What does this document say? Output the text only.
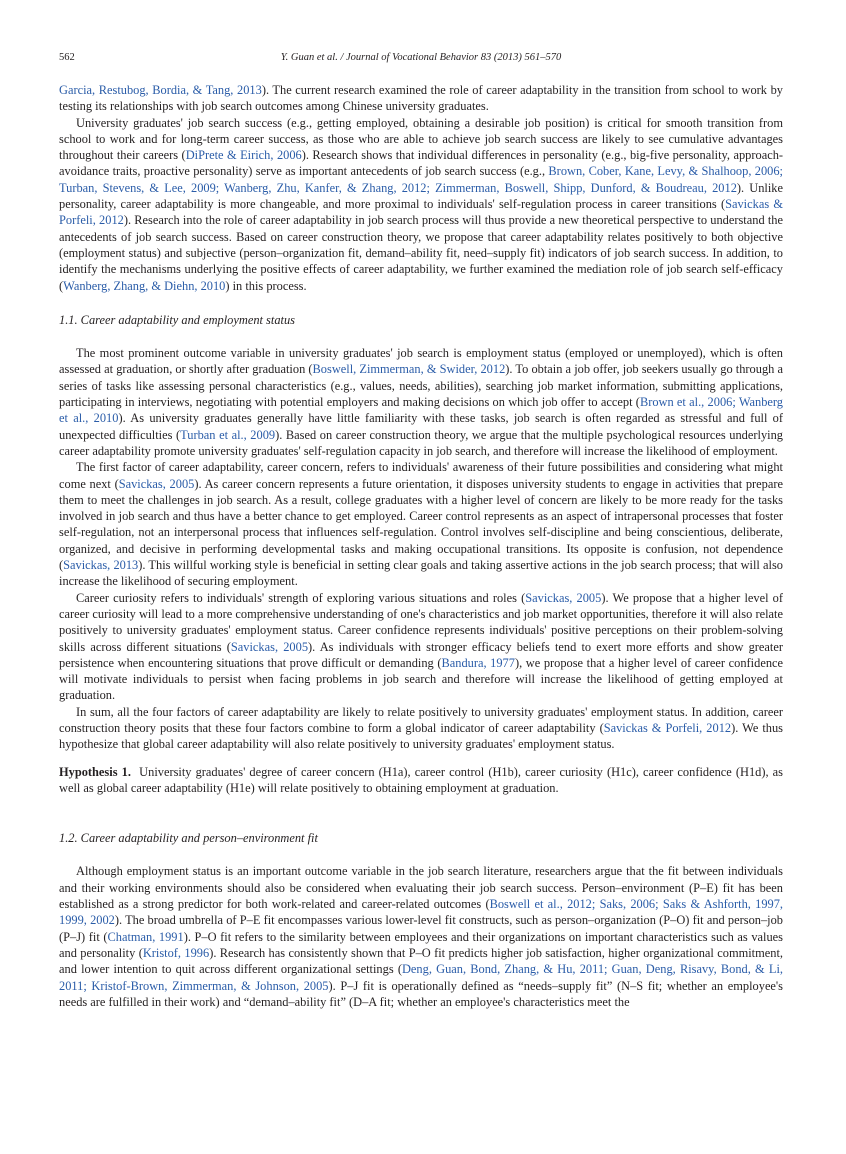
562	Y. Guan et al. / Journal of Vocational Behavior 83 (2013) 561–570

Garcia, Restubog, Bordia, & Tang, 2013). The current research examined the role of career adaptability in the transition from school to work by testing its relationships with job search outcomes among Chinese university graduates.

University graduates' job search success (e.g., getting employed, obtaining a desirable job position) is critical for smooth transition from school to work and for long-term career success, as those who are able to achieve job search success are likely to see cumulative advantages throughout their careers (DiPrete & Eirich, 2006). Research shows that individual differences in personality (e.g., big-five personality, approach-avoidance traits, proactive personality) serve as important antecedents of job search success (e.g., Brown, Cober, Kane, Levy, & Shalhoop, 2006; Turban, Stevens, & Lee, 2009; Wanberg, Zhu, Kanfer, & Zhang, 2012; Zimmerman, Boswell, Shipp, Dunford, & Boudreau, 2012). Unlike personality, career adaptability is more changeable, and more proximal to individuals' self-regulation process in career transitions (Savickas & Porfeli, 2012). Research into the role of career adaptability in job search process will thus provide a new theoretical perspective to understand the antecedents of job search success. Based on career construction theory, we propose that career adaptability relates positively to both objective (employment status) and subjective (person–organization fit, demand–ability fit, need–supply fit) indicators of job search success. In addition, to identify the mechanisms underlying the positive effects of career adaptability, we further examined the mediation role of job search self-efficacy (Wanberg, Zhang, & Diehn, 2010) in this process.

1.1. Career adaptability and employment status

The most prominent outcome variable in university graduates' job search is employment status (employed or unemployed), which is often assessed at graduation, or shortly after graduation (Boswell, Zimmerman, & Swider, 2012). To obtain a job offer, job seekers usually go through a series of tasks like assessing personal characteristics (e.g., values, needs, abilities), searching job market information, submitting applications, participating in interviews, negotiating with potential employers and making decisions on which job offer to accept (Brown et al., 2006; Wanberg et al., 2010). As university graduates generally have little familiarity with these tasks, job search is often regarded as stressful and full of unexpected difficulties (Turban et al., 2009). Based on career construction theory, we argue that the multiple psychological resources underlying career adaptability promote university graduates' self-regulation capacity in job search, and therefore will increase the likelihood of employment.

The first factor of career adaptability, career concern, refers to individuals' awareness of their future possibilities and considering what might come next (Savickas, 2005). As career concern represents a future orientation, it disposes university students to engage in activities that prepare them to meet the challenges in job search. As a result, college graduates with a higher level of concern are likely to be more ready for the tasks involved in job search and thus have a better chance to get employed. Career control represents as an aspect of intrapersonal processes that foster self-regulation, not an interpersonal process that influences self-regulation. Control involves self-discipline and being conscientious, deliberate, organized, and decisive in performing developmental tasks and making occupational transitions. Its opposite is confusion, not dependence (Savickas, 2013). This willful working style is beneficial in setting clear goals and taking assertive actions in the job search process; that will also increase the likelihood of securing employment.

Career curiosity refers to individuals' strength of exploring various situations and roles (Savickas, 2005). We propose that a higher level of career curiosity will lead to a more comprehensive understanding of one's characteristics and job market opportunities, therefore it will also relate positively to university graduates' employment status. Career confidence represents individuals' positive perceptions on their problem-solving skills across different situations (Savickas, 2005). As individuals with stronger efficacy beliefs tend to exert more efforts and show greater persistence when encountering situations that prove difficult or demanding (Bandura, 1977), we propose that a higher level of career confidence will motivate individuals to persist when facing problems in job search and therefore will increase the likelihood of getting employed at graduation.

In sum, all the four factors of career adaptability are likely to relate positively to university graduates' employment status. In addition, career construction theory posits that these four factors combine to form a global indicator of career adaptability (Savickas & Porfeli, 2012). We thus hypothesize that global career adaptability will also relate positively to university graduates' employment status.

Hypothesis 1. University graduates' degree of career concern (H1a), career control (H1b), career curiosity (H1c), career confidence (H1d), as well as global career adaptability (H1e) will relate positively to obtaining employment at graduation.

1.2. Career adaptability and person–environment fit

Although employment status is an important outcome variable in the job search literature, researchers argue that the fit between individuals and their working environments should also be considered when evaluating their job search success. Person–environment (P–E) fit has been established as a strong predictor for both work-related and career-related outcomes (Boswell et al., 2012; Saks, 2006; Saks & Ashforth, 1997, 1999, 2002). The broad umbrella of P–E fit encompasses various lower-level fit constructs, such as person–organization (P–O) fit and person–job (P–J) fit (Chatman, 1991). P–O fit refers to the similarity between employees and their organizations on important characteristics such as values and personality (Kristof, 1996). Research has consistently shown that P–O fit predicts higher job satisfaction, higher organizational commitment, and lower intention to quit across different organizational settings (Deng, Guan, Bond, Zhang, & Hu, 2011; Guan, Deng, Risavy, Bond, & Li, 2011; Kristof-Brown, Zimmerman, & Johnson, 2005). P–J fit is operationally defined as “needs–supply fit” (N–S fit; whether an employee's needs are fulfilled in their work) and “demand–ability fit” (D–A fit; whether an employee's characteristics meet the
